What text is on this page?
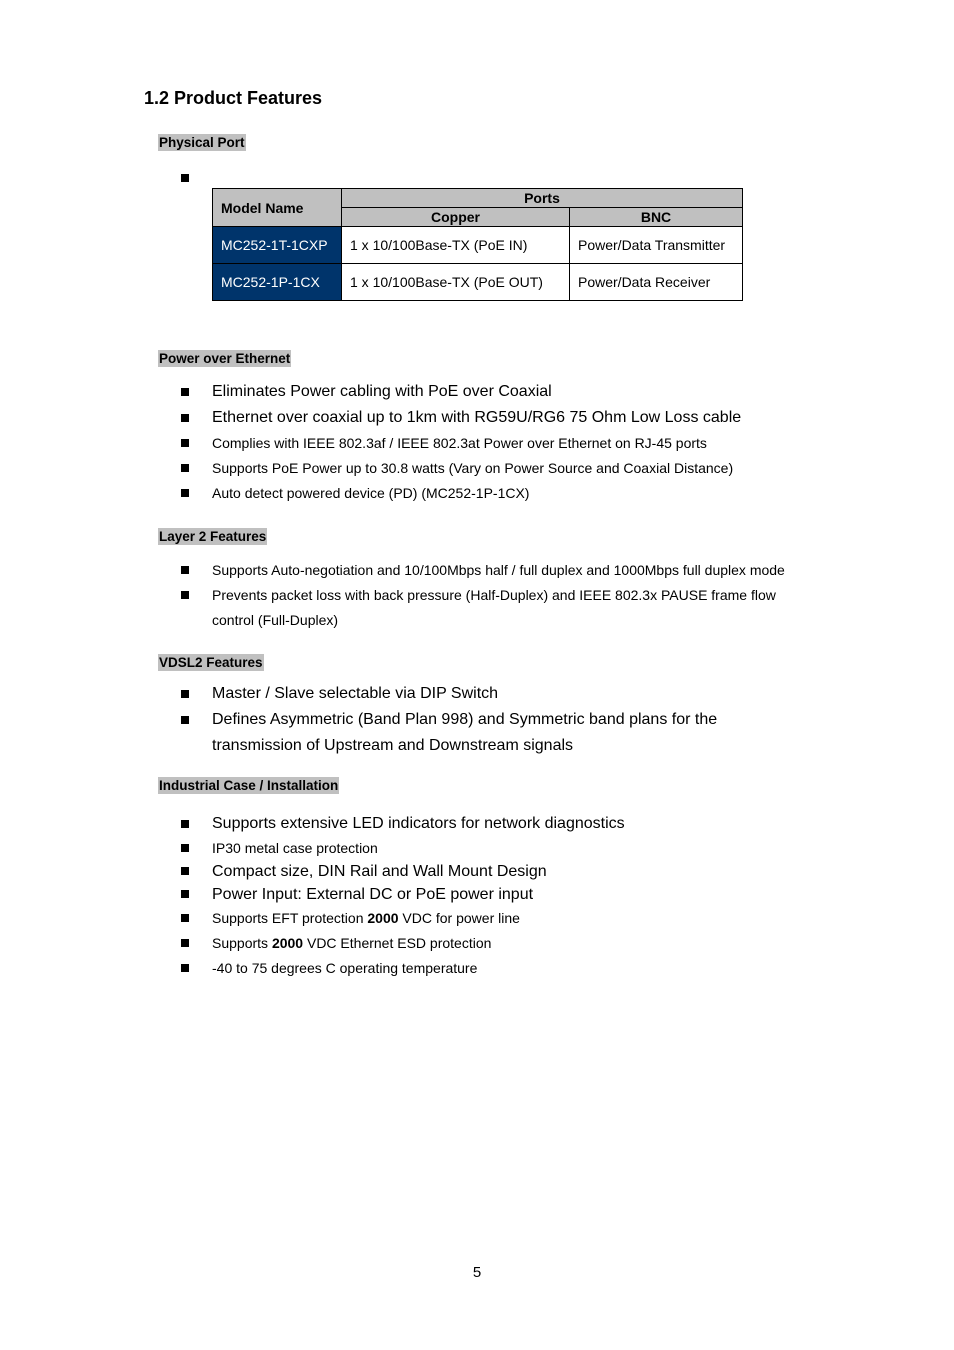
1.2 Product Features
Physical Port
Model Name	Ports	
	Copper	BNC
MC252-1T-1CXP	1 x 10/100Base-TX (PoE IN)	Power/Data Transmitter
MC252-1P-1CX	1 x 10/100Base-TX (PoE OUT)	Power/Data Receiver
Power over Ethernet
Eliminates Power cabling with PoE over Coaxial
Ethernet over coaxial up to 1km with RG59U/RG6 75 Ohm Low Loss cable
Complies with IEEE 802.3af / IEEE 802.3at Power over Ethernet on RJ-45 ports
Supports PoE Power up to 30.8 watts (Vary on Power Source and Coaxial Distance)
Auto detect powered device (PD) (MC252-1P-1CX)
Layer 2 Features
Supports Auto-negotiation and 10/100Mbps half / full duplex and 1000Mbps full duplex mode
Prevents packet loss with back pressure (Half-Duplex) and IEEE 802.3x PAUSE frame flow control (Full-Duplex)
VDSL2 Features
Master / Slave selectable via DIP Switch
Defines Asymmetric (Band Plan 998) and Symmetric band plans for the transmission of Upstream and Downstream signals
Industrial Case / Installation
Supports extensive LED indicators for network diagnostics
IP30 metal case protection
Compact size, DIN Rail and Wall Mount Design
Power Input: External DC or PoE power input
Supports EFT protection 2000 VDC for power line
Supports 2000 VDC Ethernet ESD protection
-40 to 75 degrees C operating temperature
5
